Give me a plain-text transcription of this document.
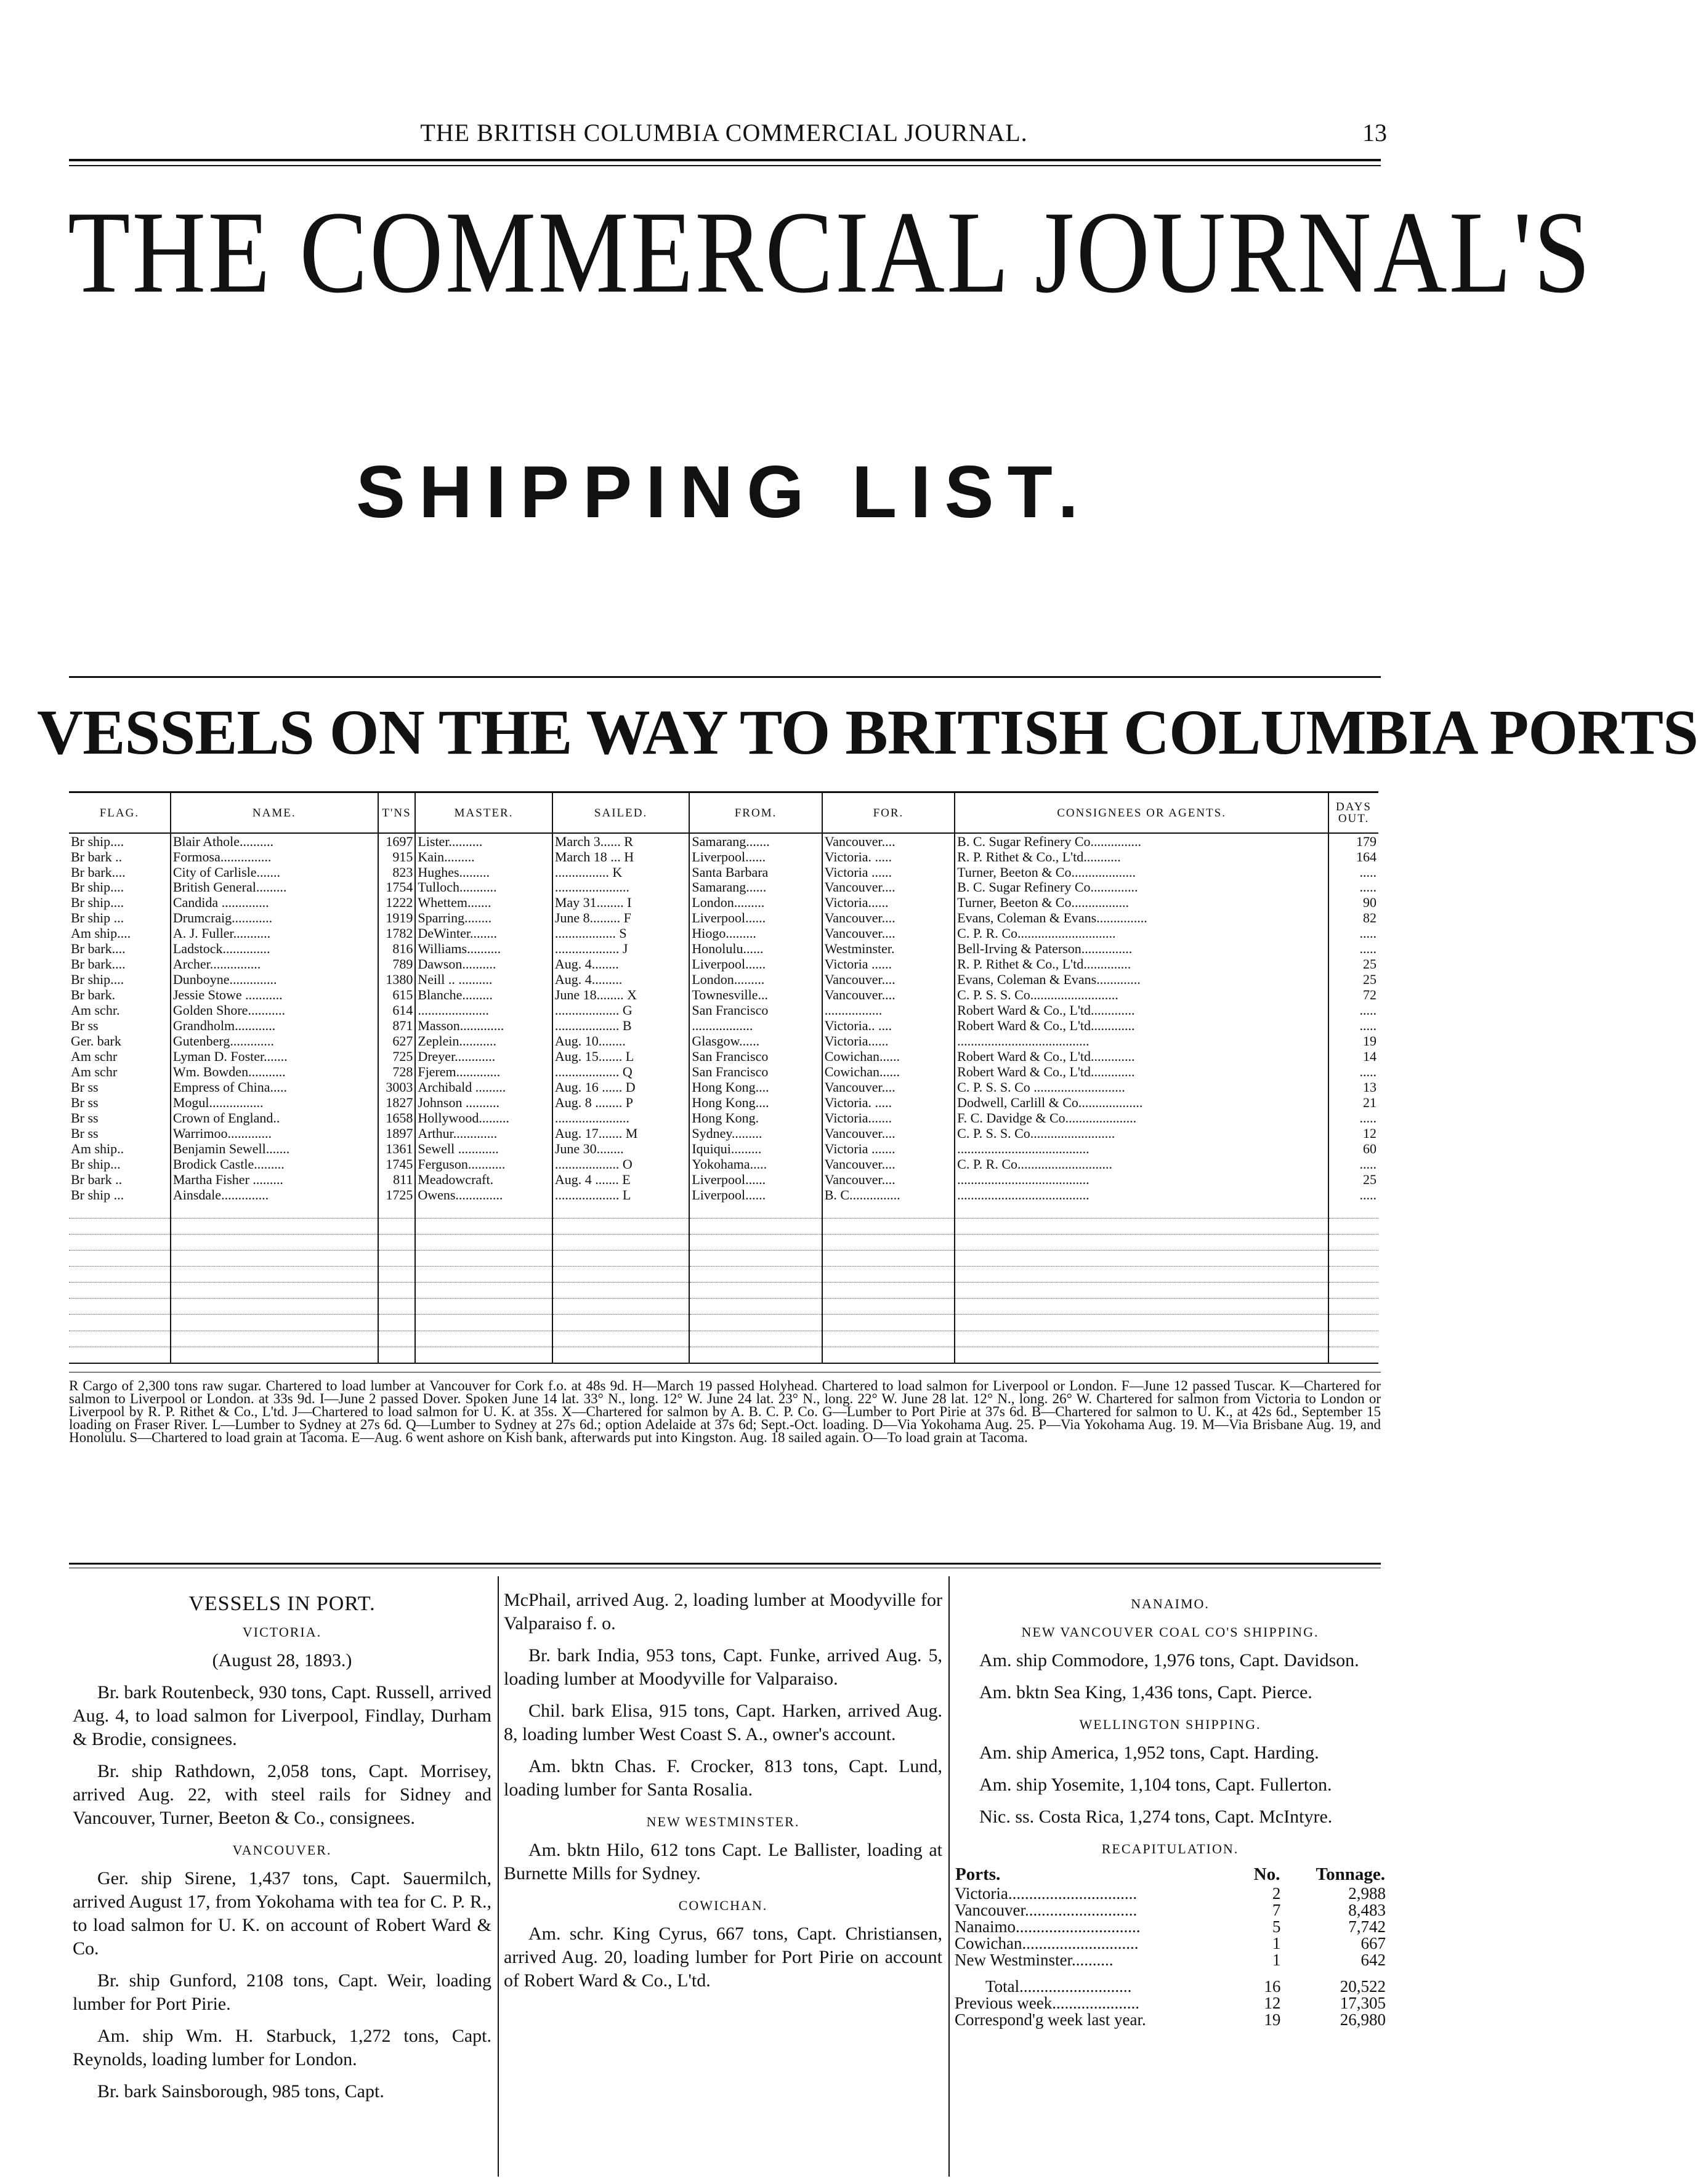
THE BRITISH COLUMBIA COMMERCIAL JOURNAL.	13
THE COMMERCIAL JOURNAL'S
SHIPPING LIST.
VESSELS ON THE WAY TO BRITISH COLUMBIA PORTS
FLAG.	NAME.	T'NS	MASTER.	SAILED.	FROM.	FOR.	CONSIGNEES OR AGENTS.	DAYS OUT.
Br ship....	Blair Athole..........	1697	Lister..........	March 3...... R	Samarang.......	Vancouver....	B. C. Sugar Refinery Co...............	179
Br bark ..	Formosa...............	915	Kain.........	March 18 ... H	Liverpool......	Victoria. .....	R. P. Rithet & Co., L'td...........	164
Br bark....	City of Carlisle.......	823	Hughes.........	................ K	Santa Barbara	Victoria ......	Turner, Beeton & Co...................	.....
Br ship....	British General.........	1754	Tulloch...........	......................	Samarang......	Vancouver....	B. C. Sugar Refinery Co..............	.....
Br ship....	Candida ..............	1222	Whettem.......	May 31........ I	London.........	Victoria......	Turner, Beeton & Co.................	90
Br ship ...	Drumcraig............	1919	Sparring........	June 8......... F	Liverpool......	Vancouver....	Evans, Coleman & Evans...............	82
Am ship....	A. J. Fuller...........	1782	DeWinter........	.................. S	Hiogo.........	Vancouver....	C. P. R. Co.............................	.....
Br bark....	Ladstock..............	816	Williams..........	................... J	Honolulu......	Westminster.	Bell-Irving & Paterson...............	.....
Br bark....	Archer...............	789	Dawson..........	Aug. 4........	Liverpool......	Victoria ......	R. P. Rithet & Co., L'td..............	25
Br ship....	Dunboyne..............	1380	Neill .. ..........	Aug. 4.........	London.........	Vancouver....	Evans, Coleman & Evans.............	25
Br bark.	Jessie Stowe ...........	615	Blanche.........	June 18........ X	Townesville...	Vancouver....	C. P. S. S. Co..........................	72
Am schr.	Golden Shore...........	614	.....................	................... G	San Francisco	.................	Robert Ward & Co., L'td.............	.....
Br ss	Grandholm............	871	Masson.............	................... B	..................	Victoria.. ....	Robert Ward & Co., L'td.............	.....
Ger. bark	Gutenberg.............	627	Zeplein...........	Aug. 10........	Glasgow......	Victoria......	.......................................	19
Am schr	Lyman D. Foster.......	725	Dreyer............	Aug. 15....... L	San Francisco	Cowichan......	Robert Ward & Co., L'td.............	14
Am schr	Wm. Bowden...........	728	Fjerem.............	................... Q	San Francisco	Cowichan......	Robert Ward & Co., L'td.............	.....
Br ss	Empress of China.....	3003	Archibald .........	Aug. 16 ...... D	Hong Kong....	Vancouver....	C. P. S. S. Co ...........................	13
Br ss	Mogul................	1827	Johnson ..........	Aug. 8 ........ P	Hong Kong....	Victoria. .....	Dodwell, Carlill & Co...................	21
Br ss	Crown of England..	1658	Hollywood.........	......................	Hong Kong.	Victoria.......	F. C. Davidge & Co.....................	.....
Br ss	Warrimoo.............	1897	Arthur.............	Aug. 17....... M	Sydney.........	Vancouver....	C. P. S. S. Co.........................	12
Am ship..	Benjamin Sewell.......	1361	Sewell ............	June 30........	Iquiqui.........	Victoria .......	.......................................	60
Br ship...	Brodick Castle.........	1745	Ferguson...........	................... O	Yokohama.....	Vancouver....	C. P. R. Co............................	.....
Br bark ..	Martha Fisher .........	811	Meadowcraft.	Aug. 4 ....... E	Liverpool......	Vancouver....	.......................................	25
Br ship ...	Ainsdale..............	1725	Owens..............	................... L	Liverpool......	B. C...............	.......................................	.....

R Cargo of 2,300 tons raw sugar. Chartered to load lumber at Vancouver for Cork f.o. at 48s 9d. H—March 19 passed Holyhead. Chartered to load salmon for Liverpool or London. F—June 12 passed Tuscar. K—Chartered for salmon to Liverpool or London. at 33s 9d. I—June 2 passed Dover. Spoken June 14 lat. 33° N., long. 12° W. June 24 lat. 23° N., long. 22° W. June 28 lat. 12° N., long. 26° W. Chartered for salmon from Victoria to London or Liverpool by R. P. Rithet & Co., L'td. J—Chartered to load salmon for U. K. at 35s. X—Chartered for salmon by A. B. C. P. Co. G—Lumber to Port Pirie at 37s 6d. B—Chartered for salmon to U. K., at 42s 6d., September 15 loading on Fraser River. L—Lumber to Sydney at 27s 6d. Q—Lumber to Sydney at 27s 6d.; option Adelaide at 37s 6d; Sept.-Oct. loading. D—Via Yokohama Aug. 25. P—Via Yokohama Aug. 19. M—Via Brisbane Aug. 19, and Honolulu. S—Chartered to load grain at Tacoma. E—Aug. 6 went ashore on Kish bank, afterwards put into Kingston. Aug. 18 sailed again. O—To load grain at Tacoma.

VESSELS IN PORT.

VICTORIA.

(August 28, 1893.)

Br. bark Routenbeck, 930 tons, Capt. Russell, arrived Aug. 4, to load salmon for Liverpool, Findlay, Durham & Brodie, consignees.

Br. ship Rathdown, 2,058 tons, Capt. Morrisey, arrived Aug. 22, with steel rails for Sidney and Vancouver, Turner, Beeton & Co., consignees.

VANCOUVER.

Ger. ship Sirene, 1,437 tons, Capt. Sauermilch, arrived August 17, from Yokohama with tea for C. P. R., to load salmon for U. K. on account of Robert Ward & Co.

Br. ship Gunford, 2108 tons, Capt. Weir, loading lumber for Port Pirie.

Am. ship Wm. H. Starbuck, 1,272 tons, Capt. Reynolds, loading lumber for London.

Br. bark Sainsborough, 985 tons, Capt.

McPhail, arrived Aug. 2, loading lumber at Moodyville for Valparaiso f. o.

Br. bark India, 953 tons, Capt. Funke, arrived Aug. 5, loading lumber at Moodyville for Valparaiso.

Chil. bark Elisa, 915 tons, Capt. Harken, arrived Aug. 8, loading lumber West Coast S. A., owner's account.

Am. bktn Chas. F. Crocker, 813 tons, Capt. Lund, loading lumber for Santa Rosalia.

NEW WESTMINSTER.

Am. bktn Hilo, 612 tons Capt. Le Ballister, loading at Burnette Mills for Sydney.

COWICHAN.

Am. schr. King Cyrus, 667 tons, Capt. Christiansen, arrived Aug. 20, loading lumber for Port Pirie on account of Robert Ward & Co., L'td.

NANAIMO.

NEW VANCOUVER COAL CO'S SHIPPING.

Am. ship Commodore, 1,976 tons, Capt. Davidson.

Am. bktn Sea King, 1,436 tons, Capt. Pierce.

WELLINGTON SHIPPING.

Am. ship America, 1,952 tons, Capt. Harding.

Am. ship Yosemite, 1,104 tons, Capt. Fullerton.

Nic. ss. Costa Rica, 1,274 tons, Capt. McIntyre.

RECAPITULATION.

Ports.	No.	Tonnage.
Victoria...............................	2	2,988
Vancouver...........................	7	8,483
Nanaimo..............................	5	7,742
Cowichan............................	1	667
New Westminster..........	1	642

Total...........................	16	20,522
Previous week.....................	12	17,305
Correspond'g week last year.	19	26,980
